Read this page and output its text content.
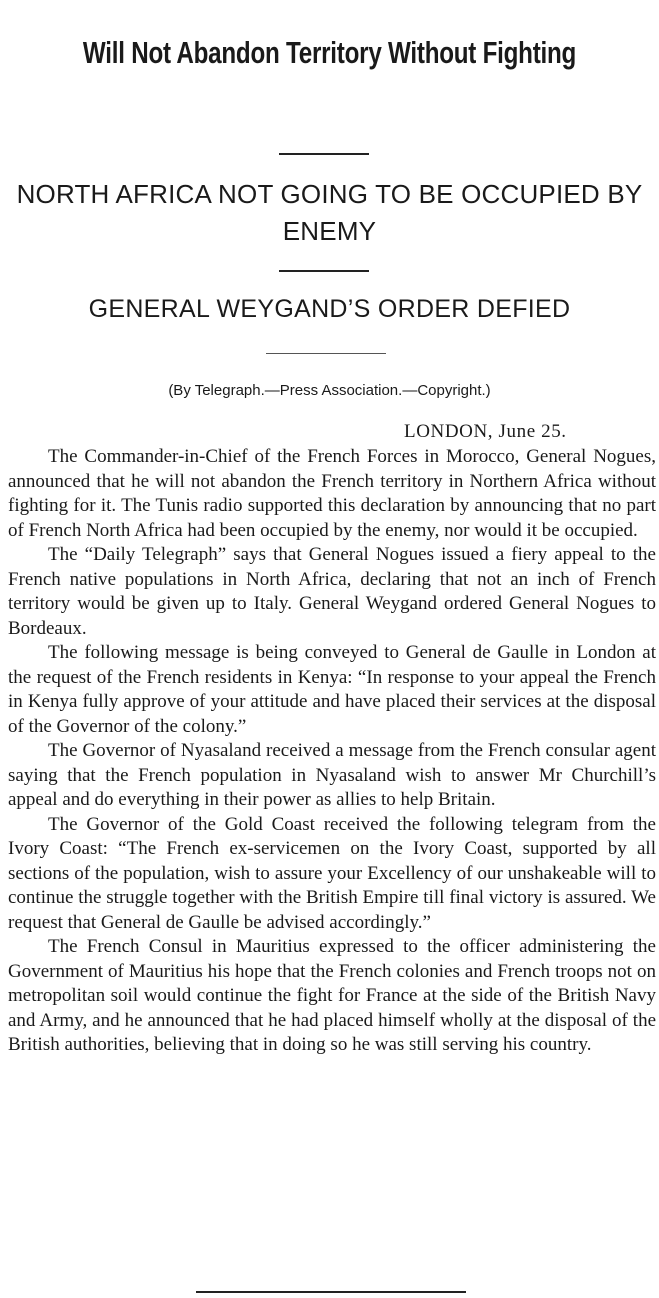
Will Not Abandon Territory Without Fighting
NORTH AFRICA NOT GOING TO BE OCCUPIED BY ENEMY
GENERAL WEYGAND’S ORDER DEFIED
(By Telegraph.—Press Association.—Copyright.)
LONDON, June 25.

The Commander-in-Chief of the French Forces in Morocco, General Nogues, announced that he will not abandon the French territory in Northern Africa without fighting for it. The Tunis radio supported this declaration by announcing that no part of French North Africa had been occupied by the enemy, nor would it be occupied.

The “Daily Telegraph” says that General Nogues issued a fiery appeal to the French native populations in North Africa, declaring that not an inch of French territory would be given up to Italy. General Weygand ordered General Nogues to Bordeaux.

The following message is being conveyed to General de Gaulle in London at the request of the French residents in Kenya: “In response to your appeal the French in Kenya fully approve of your attitude and have placed their services at the disposal of the Governor of the colony.”

The Governor of Nyasaland received a message from the French consular agent saying that the French population in Nyasaland wish to answer Mr Churchill’s appeal and do everything in their power as allies to help Britain.

The Governor of the Gold Coast received the following telegram from the Ivory Coast: “The French ex-servicemen on the Ivory Coast, supported by all sections of the population, wish to assure your Excellency of our unshakeable will to continue the struggle together with the British Empire till final victory is assured. We request that General de Gaulle be advised accordingly.”

The French Consul in Mauritius expressed to the officer administering the Government of Mauritius his hope that the French colonies and French troops not on metropolitan soil would continue the fight for France at the side of the British Navy and Army, and he announced that he had placed himself wholly at the disposal of the British authorities, believing that in doing so he was still serving his country.
